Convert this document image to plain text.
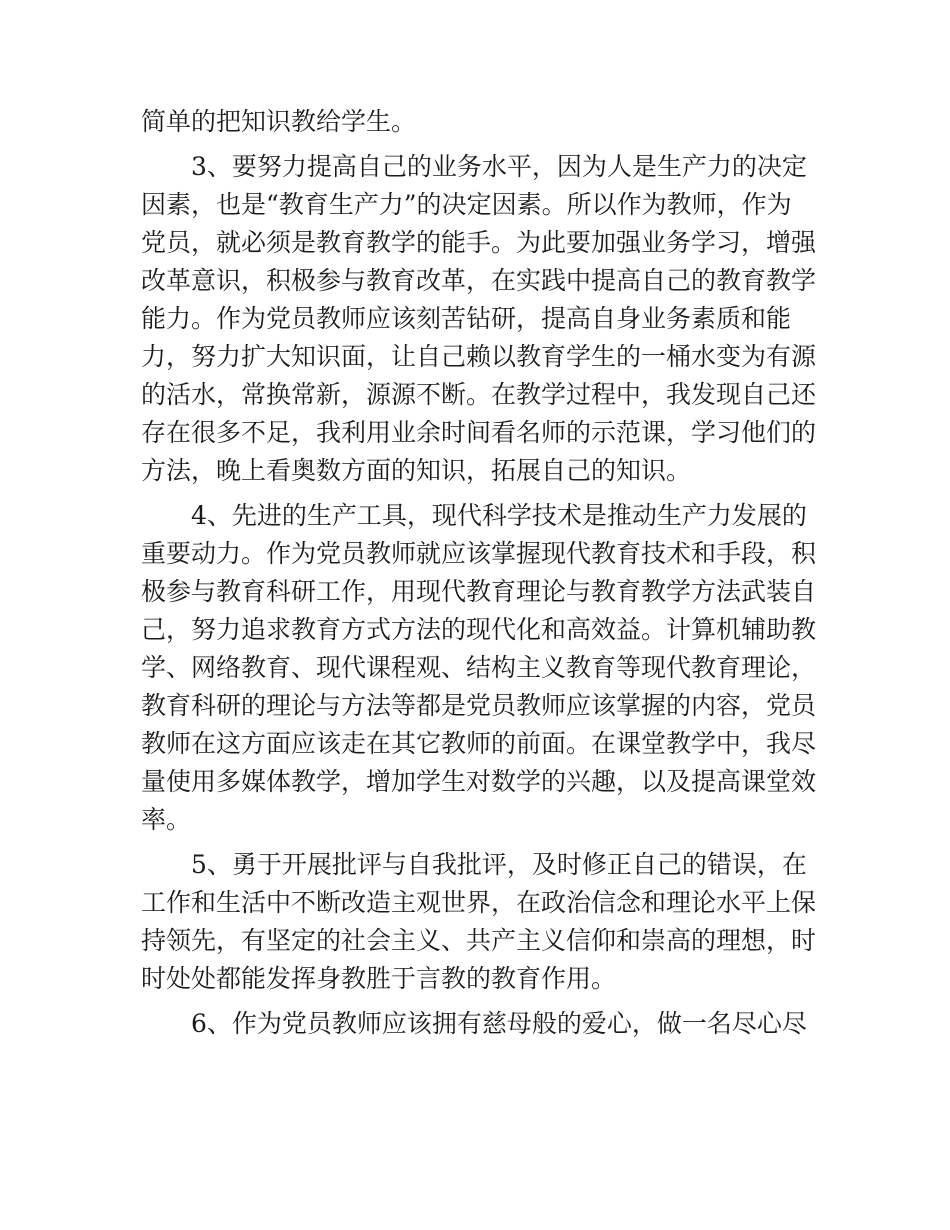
简单的把知识教给学生。
3、要努力提高自己的业务水平，因为人是生产力的决定
因素，也是“教育生产力”的决定因素。所以作为教师，作为
党员，就必须是教育教学的能手。为此要加强业务学习，增强
改革意识，积极参与教育改革，在实践中提高自己的教育教学
能力。作为党员教师应该刻苦钻研，提高自身业务素质和能
力，努力扩大知识面，让自己赖以教育学生的一桶水变为有源
的活水，常换常新，源源不断。在教学过程中，我发现自己还
存在很多不足，我利用业余时间看名师的示范课，学习他们的
方法，晚上看奥数方面的知识，拓展自己的知识。
4、先进的生产工具，现代科学技术是推动生产力发展的
重要动力。作为党员教师就应该掌握现代教育技术和手段，积
极参与教育科研工作，用现代教育理论与教育教学方法武装自
己，努力追求教育方式方法的现代化和高效益。计算机辅助教
学、网络教育、现代课程观、结构主义教育等现代教育理论，
教育科研的理论与方法等都是党员教师应该掌握的内容，党员
教师在这方面应该走在其它教师的前面。在课堂教学中，我尽
量使用多媒体教学，增加学生对数学的兴趣，以及提高课堂效
率。
5、勇于开展批评与自我批评，及时修正自己的错误，在
工作和生活中不断改造主观世界，在政治信念和理论水平上保
持领先，有坚定的社会主义、共产主义信仰和崇高的理想，时
时处处都能发挥身教胜于言教的教育作用。
6、作为党员教师应该拥有慈母般的爱心，做一名尽心尽
